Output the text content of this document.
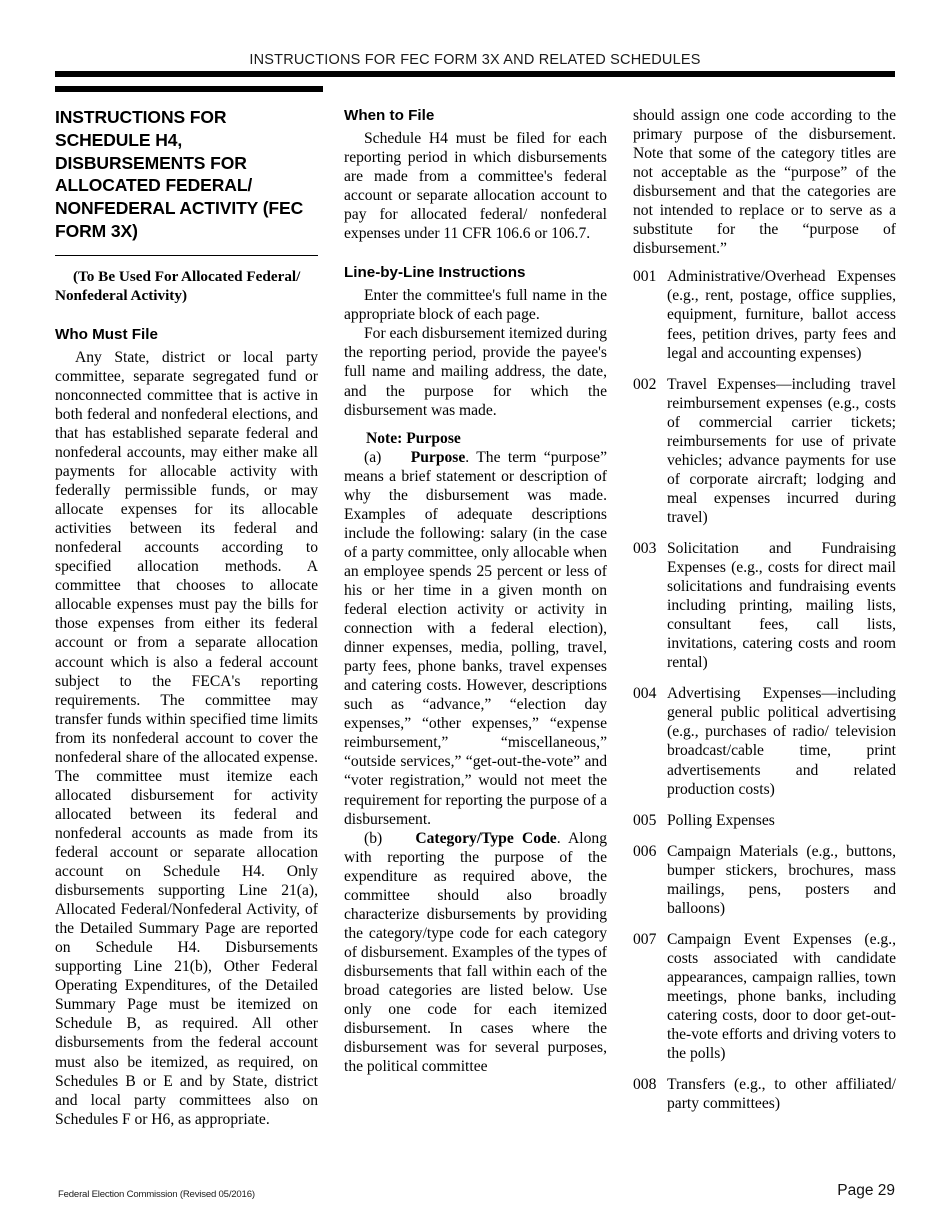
INSTRUCTIONS FOR FEC FORM 3X AND RELATED SCHEDULES
INSTRUCTIONS FOR SCHEDULE H4, DISBURSEMENTS FOR ALLOCATED FEDERAL/ NONFEDERAL ACTIVITY (FEC FORM 3X)

(To Be Used For Allocated Federal/ Nonfederal Activity)

Who Must File

Any State, district or local party committee, separate segregated fund or nonconnected committee that is active in both federal and nonfederal elections, and that has established separate federal and nonfederal accounts, may either make all payments for allocable activity with federally permissible funds, or may allocate expenses for its allocable activities between its federal and nonfederal accounts according to specified allocation methods. A committee that chooses to allocate allocable expenses must pay the bills for those expenses from either its federal account or from a separate allocation account which is also a federal account subject to the FECA's reporting requirements. The committee may transfer funds within specified time limits from its nonfederal account to cover the nonfederal share of the allocated expense. The committee must itemize each allocated disbursement for activity allocated between its federal and nonfederal accounts as made from its federal account or separate allocation account on Schedule H4. Only disbursements supporting Line 21(a), Allocated Federal/Nonfederal Activity, of the Detailed Summary Page are reported on Schedule H4. Disbursements supporting Line 21(b), Other Federal Operating Expenditures, of the Detailed Summary Page must be itemized on Schedule B, as required. All other disbursements from the federal account must also be itemized, as required, on Schedules B or E and by State, district and local party committees also on Schedules F or H6, as appropriate.

When to File

Schedule H4 must be filed for each reporting period in which disbursements are made from a committee's federal account or separate allocation account to pay for allocated federal/ nonfederal expenses under 11 CFR 106.6 or 106.7.

Line-by-Line Instructions

Enter the committee's full name in the appropriate block of each page.

For each disbursement itemized during the reporting period, provide the payee's full name and mailing address, the date, and the purpose for which the disbursement was made.

Note: Purpose

(a) Purpose. The term “purpose” means a brief statement or description of why the disbursement was made. Examples of adequate descriptions include the following: salary (in the case of a party committee, only allocable when an employee spends 25 percent or less of his or her time in a given month on federal election activity or activity in connection with a federal election), dinner expenses, media, polling, travel, party fees, phone banks, travel expenses and catering costs. However, descriptions such as “advance,” “election day expenses,” “other expenses,” “expense reimbursement,” “miscellaneous,” “outside services,” “get-out-the-vote” and “voter registration,” would not meet the requirement for reporting the purpose of a disbursement.

(b) Category/Type Code. Along with reporting the purpose of the expenditure as required above, the committee should also broadly characterize disbursements by providing the category/type code for each category of disbursement. Examples of the types of disbursements that fall within each of the broad categories are listed below. Use only one code for each itemized disbursement. In cases where the disbursement was for several purposes, the political committee

should assign one code according to the primary purpose of the disbursement. Note that some of the category titles are not acceptable as the “purpose” of the disbursement and that the categories are not intended to replace or to serve as a substitute for the “purpose of disbursement.”

001 Administrative/Overhead Expenses (e.g., rent, postage, office supplies, equipment, furniture, ballot access fees, petition drives, party fees and legal and accounting expenses)
002 Travel Expenses—including travel reimbursement expenses (e.g., costs of commercial carrier tickets; reimbursements for use of private vehicles; advance payments for use of corporate aircraft; lodging and meal expenses incurred during travel)
003 Solicitation and Fundraising Expenses (e.g., costs for direct mail solicitations and fundraising events including printing, mailing lists, consultant fees, call lists, invitations, catering costs and room rental)
004 Advertising Expenses—including general public political advertising (e.g., purchases of radio/ television broadcast/cable time, print advertisements and related production costs)
005 Polling Expenses
006 Campaign Materials (e.g., buttons, bumper stickers, brochures, mass mailings, pens, posters and balloons)
007 Campaign Event Expenses (e.g., costs associated with candidate appearances, campaign rallies, town meetings, phone banks, including catering costs, door to door get-out-the-vote efforts and driving voters to the polls)
008 Transfers (e.g., to other affiliated/ party committees)
Federal Election Commission (Revised 05/2016)	Page 29
